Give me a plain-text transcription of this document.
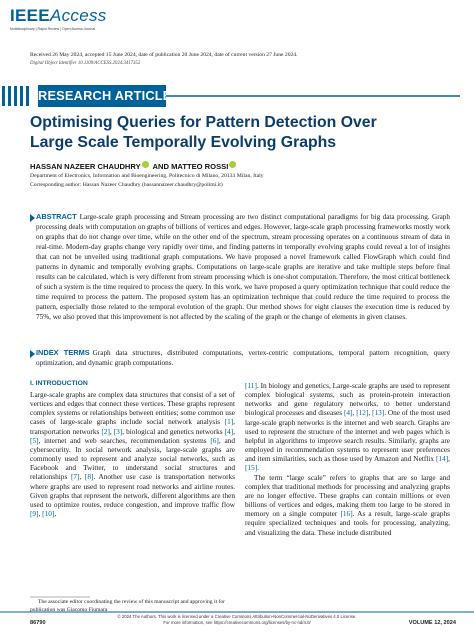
IEEEAccess
Multidisciplinary | Rapid Review | Open Access Journal
Received 26 May 2024, accepted 15 June 2024, date of publication 20 June 2024, date of current version 27 June 2024.
Digital Object Identifier 10.1109/ACCESS.2024.3417352
RESEARCH ARTICLE
Optimising Queries for Pattern Detection Over
Large Scale Temporally Evolving Graphs
HASSAN NAZEER CHAUDHRY AND MATTEO ROSSI
Department of Electronics, Information and Bioengineering, Politecnico di Milano, 20133 Milan, Italy
Corresponding author: Hassan Nazeer Chaudhry (hassannazeer.chaudhry@polimi.it)
ABSTRACT Large-scale graph processing and Stream processing are two distinct computational paradigms for big data processing. Graph processing deals with computation on graphs of billions of vertices and edges. However, large-scale graph processing frameworks mostly work on graphs that do not change over time, while on the other end of the spectrum, stream processing operates on a continuous stream of data in real-time. Modern-day graphs change very rapidly over time, and finding patterns in temporally evolving graphs could reveal a lot of insights that can not be unveiled using traditional graph computations. We have proposed a novel framework called FlowGraph which could find patterns in dynamic and temporally evolving graphs. Computations on large-scale graphs are iterative and take multiple steps before final results can be calculated, which is very different from stream processing which is one-shot computation. Therefore, the most critical bottleneck of such a system is the time required to process the query. In this work, we have proposed a query optimization technique that could reduce the time required to process the pattern. The proposed system has an optimization technique that could reduce the time required to process the pattern, especially those related to the temporal evolution of the graph. Our method shows for eight clauses the execution time is reduced by 75%, we also proved that this improvement is not affected by the scaling of the graph or the change of elements in given clauses.
INDEX TERMS Graph data structures, distributed computations, vertex-centric computations, temporal pattern recognition, query optimization, and dynamic graph computations.
I. INTRODUCTION

Large-scale graphs are complex data structures that consist of a set of vertices and edges that connect these vertices. These graphs represent complex systems or relationships between entities; some common use cases of large-scale graphs include social network analysis [1], transportation networks [2], [3], biological and genetics networks [4], [5], internet and web searches, recommendation systems [6], and cybersecurity. In social network analysis, large-scale graphs are commonly used to represent and analyze social networks, such as Facebook and Twitter, to understand social structures and relationships [7], [8]. Another use case is transportation networks where graphs are used to represent road networks and airline routes. Given graphs that represent the network, different algorithms are then used to optimize routes, reduce congestion, and improve traffic flow [9], [10],

[11]. In biology and genetics, Large-scale graphs are used to represent complex biological systems, such as protein-protein interaction networks and gene regulatory networks, to better understand biological processes and diseases [4], [12], [13]. One of the most used large-scale graph networks is the internet and web search. Graphs are used to represent the structure of the internet and web pages which is helpful in algorithms to improve search results. Similarly, graphs are employed in recommendation systems to represent user preferences and item similarities, such as those used by Amazon and Netflix [14], [15].

The term “large scale” refers to graphs that are so large and complex that traditional methods for processing and analyzing graphs are no longer effective. These graphs can contain millions or even billions of vertices and edges, making them too large to be stored in memory on a single computer [16]. As a result, large-scale graphs require specialized techniques and tools for processing, analyzing, and visualizing the data. These include distributed

The associate editor coordinating the review of this manuscript and approving it for publication was Giacomo Fiumara
86790
© 2024 The Authors. This work is licensed under a Creative Commons Attribution-NonCommercial-NoDerivatives 4.0 License.
For more information, see https://creativecommons.org/licenses/by-nc-nd/4.0/	VOLUME 12, 2024
